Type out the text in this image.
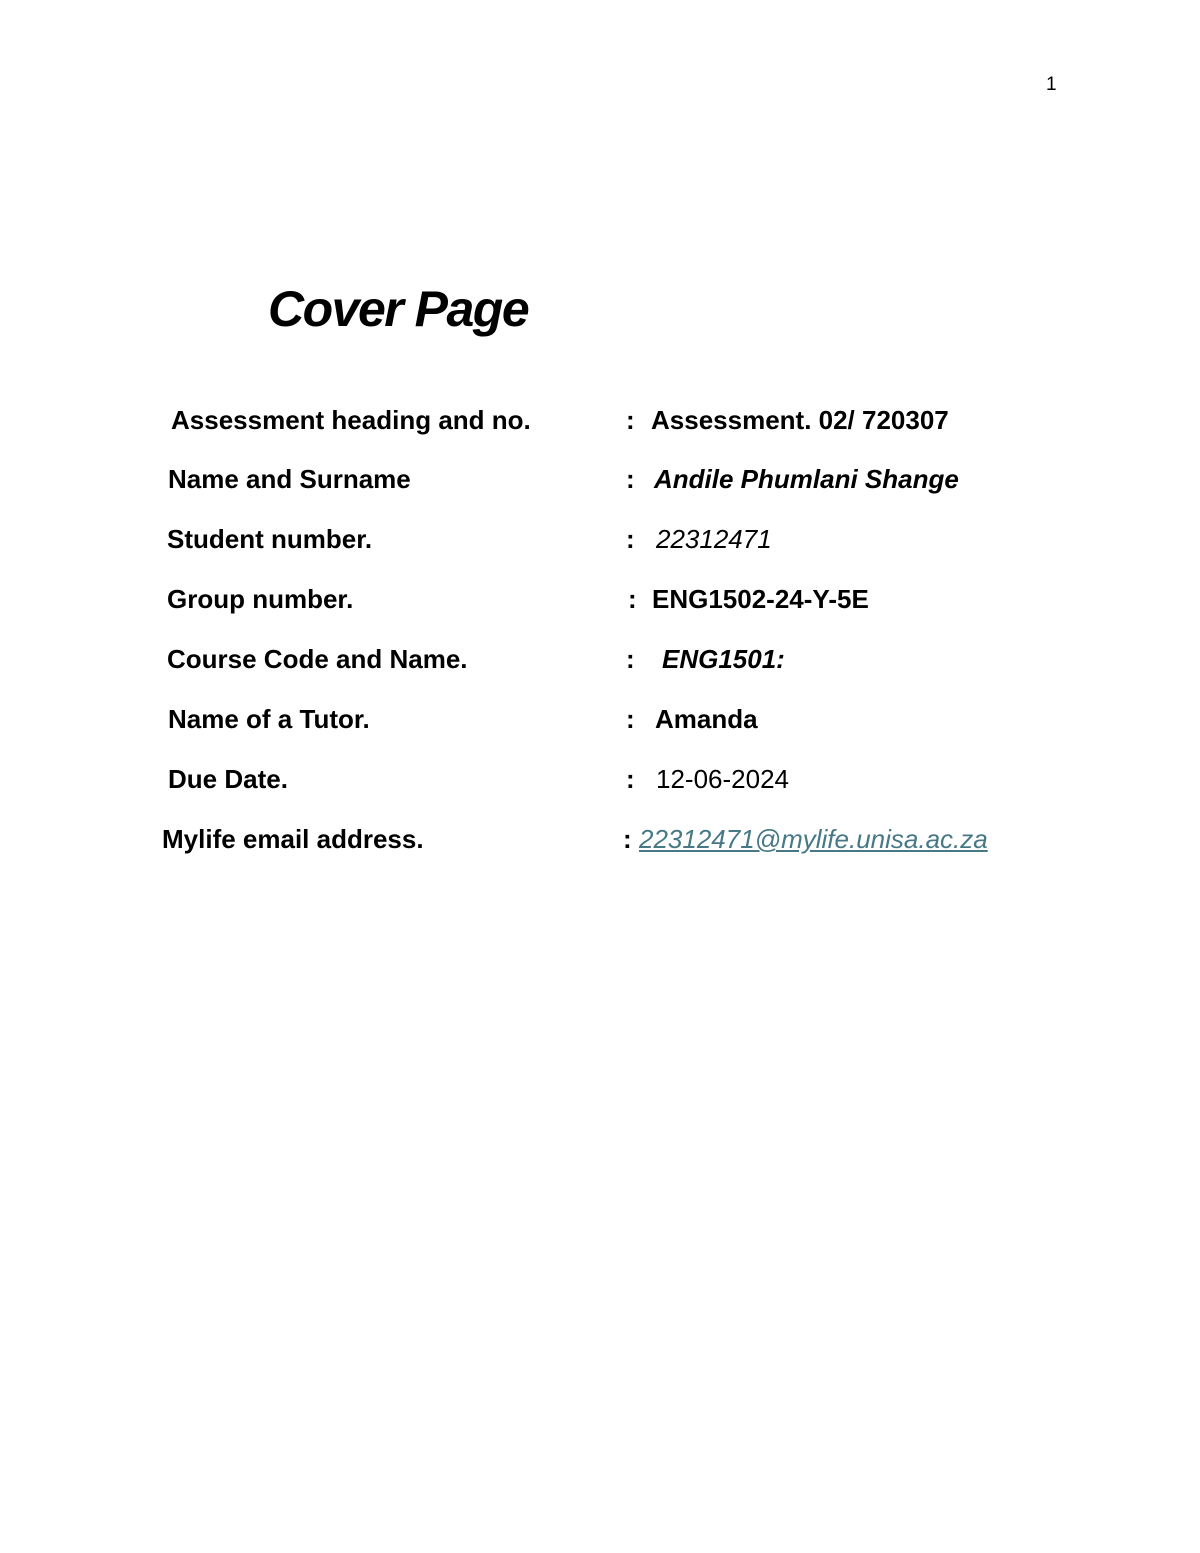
1
Cover Page
Assessment heading and no.	: Assessment. 02/ 720307
Name and Surname	: Andile Phumlani Shange
Student number.	: 22312471
Group number.	: ENG1502-24-Y-5E
Course Code and Name.	: ENG1501:
Name of a Tutor.	: Amanda
Due Date.	: 12-06-2024
Mylife email address.	: 22312471@mylife.unisa.ac.za
